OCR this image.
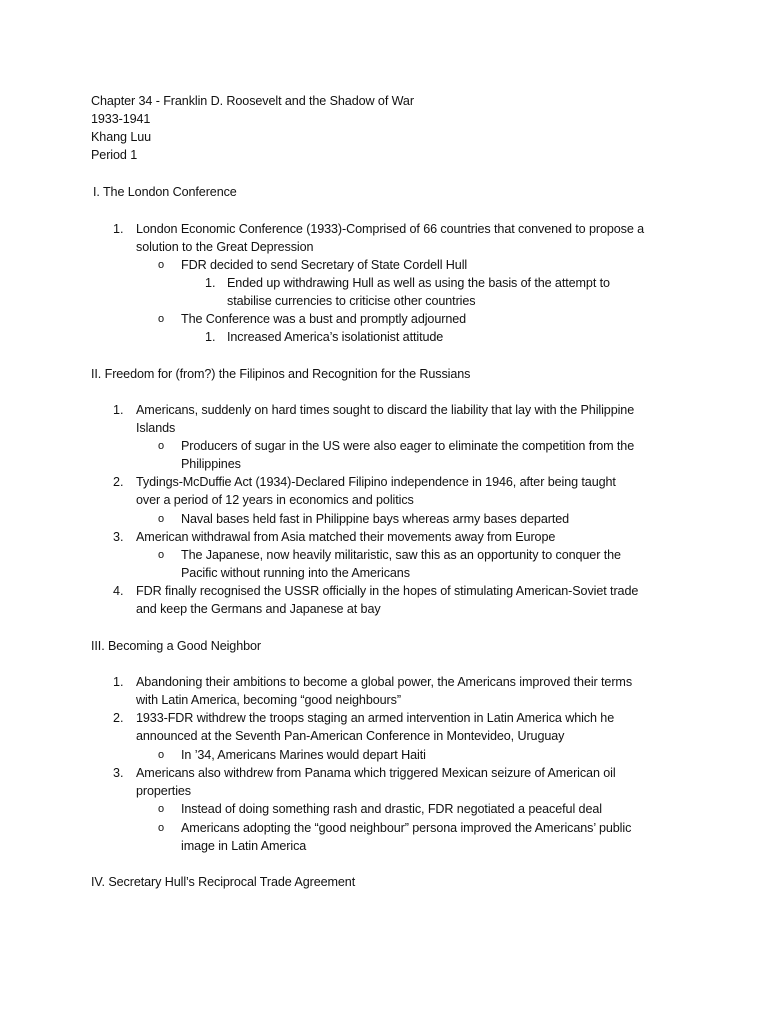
Chapter 34 - Franklin D. Roosevelt and the Shadow of War
1933-1941
Khang Luu
Period 1
I. The London Conference
1. London Economic Conference (1933)-Comprised of 66 countries that convened to propose a
solution to the Great Depression
o FDR decided to send Secretary of State Cordell Hull
1. Ended up withdrawing Hull as well as using the basis of the attempt to
stabilise currencies to criticise other countries
o The Conference was a bust and promptly adjourned
1. Increased America’s isolationist attitude
II. Freedom for (from?) the Filipinos and Recognition for the Russians
1. Americans, suddenly on hard times sought to discard the liability that lay with the Philippine
Islands
o Producers of sugar in the US were also eager to eliminate the competition from the
Philippines
2. Tydings-McDuffie Act (1934)-Declared Filipino independence in 1946, after being taught
over a period of 12 years in economics and politics
o Naval bases held fast in Philippine bays whereas army bases departed
3. American withdrawal from Asia matched their movements away from Europe
o The Japanese, now heavily militaristic, saw this as an opportunity to conquer the
Pacific without running into the Americans
4. FDR finally recognised the USSR officially in the hopes of stimulating American-Soviet trade
and keep the Germans and Japanese at bay
III. Becoming a Good Neighbor
1. Abandoning their ambitions to become a global power, the Americans improved their terms
with Latin America, becoming “good neighbours”
2. 1933-FDR withdrew the troops staging an armed intervention in Latin America which he
announced at the Seventh Pan-American Conference in Montevideo, Uruguay
o In ’34, Americans Marines would depart Haiti
3. Americans also withdrew from Panama which triggered Mexican seizure of American oil
properties
o Instead of doing something rash and drastic, FDR negotiated a peaceful deal
o Americans adopting the “good neighbour” persona improved the Americans’ public
image in Latin America
IV. Secretary Hull’s Reciprocal Trade Agreement
